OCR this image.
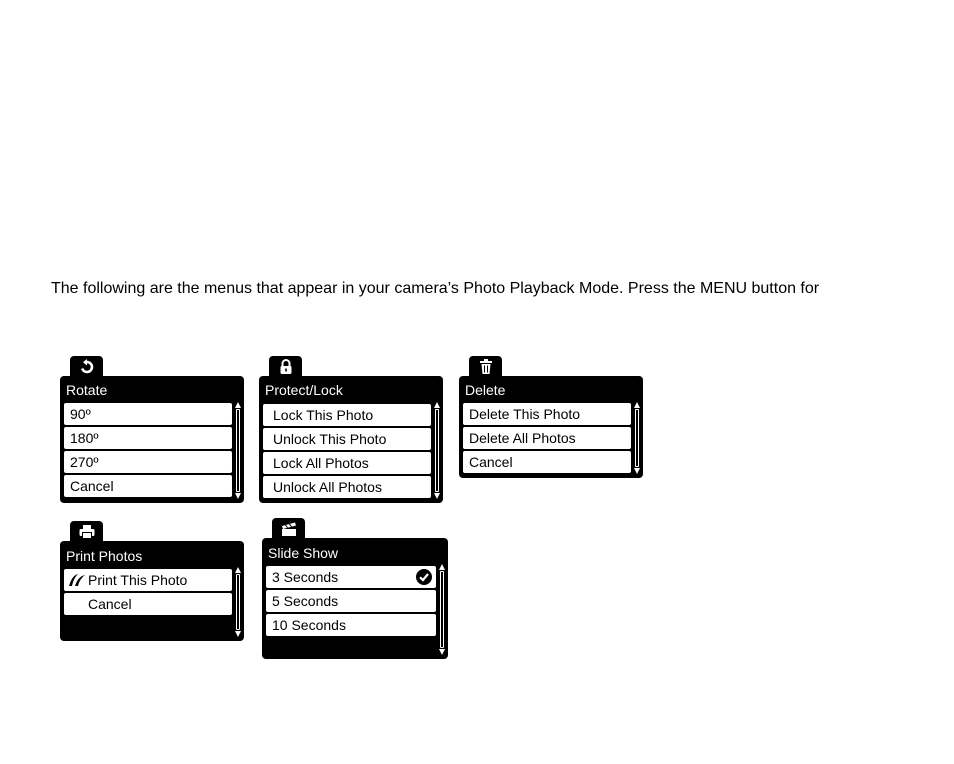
The following are the menus that appear in your camera’s Photo Playback Mode. Press the MENU button for

Rotate
90º
180º
270º
Cancel
Protect/Lock
Lock This Photo
Unlock This Photo
Lock All Photos
Unlock All Photos
Delete
Delete This Photo
Delete All Photos
Cancel
Print Photos
Print This Photo
Cancel
Slide Show
3 Seconds
5 Seconds
10 Seconds
